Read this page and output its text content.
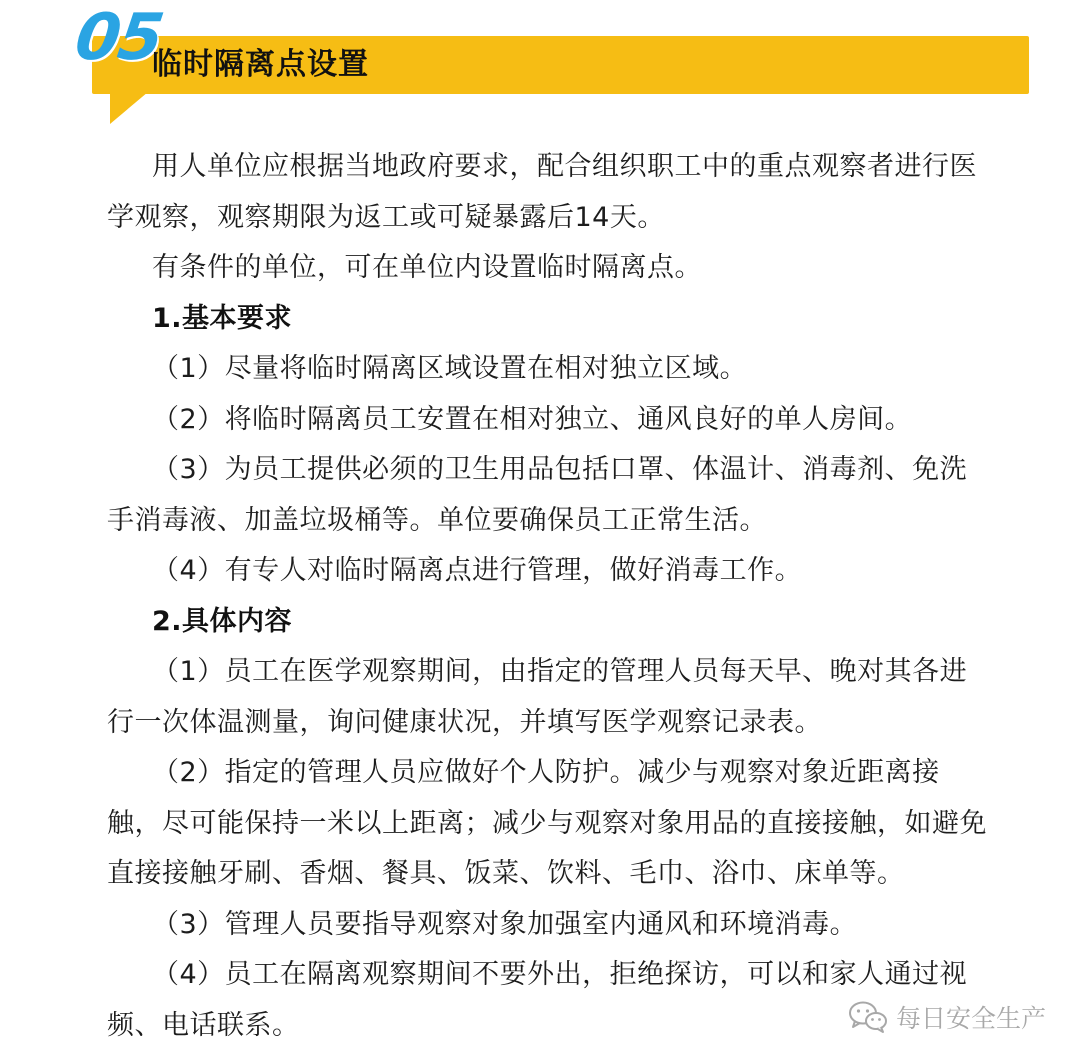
05
临时隔离点设置

用人单位应根据当地政府要求，配合组织职工中的重点观察者进行医学观察，观察期限为返工或可疑暴露后14天。

有条件的单位，可在单位内设置临时隔离点。

1.基本要求

（1）尽量将临时隔离区域设置在相对独立区域。

（2）将临时隔离员工安置在相对独立、通风良好的单人房间。

（3）为员工提供必须的卫生用品包括口罩、体温计、消毒剂、免洗手消毒液、加盖垃圾桶等。单位要确保员工正常生活。

（4）有专人对临时隔离点进行管理，做好消毒工作。

2.具体内容

（1）员工在医学观察期间，由指定的管理人员每天早、晚对其各进行一次体温测量，询问健康状况，并填写医学观察记录表。

（2）指定的管理人员应做好个人防护。减少与观察对象近距离接触，尽可能保持一米以上距离；减少与观察对象用品的直接接触，如避免直接接触牙刷、香烟、餐具、饭菜、饮料、毛巾、浴巾、床单等。

（3）管理人员要指导观察对象加强室内通风和环境消毒。

（4）员工在隔离观察期间不要外出，拒绝探访，可以和家人通过视频、电话联系。	每日安全生产
